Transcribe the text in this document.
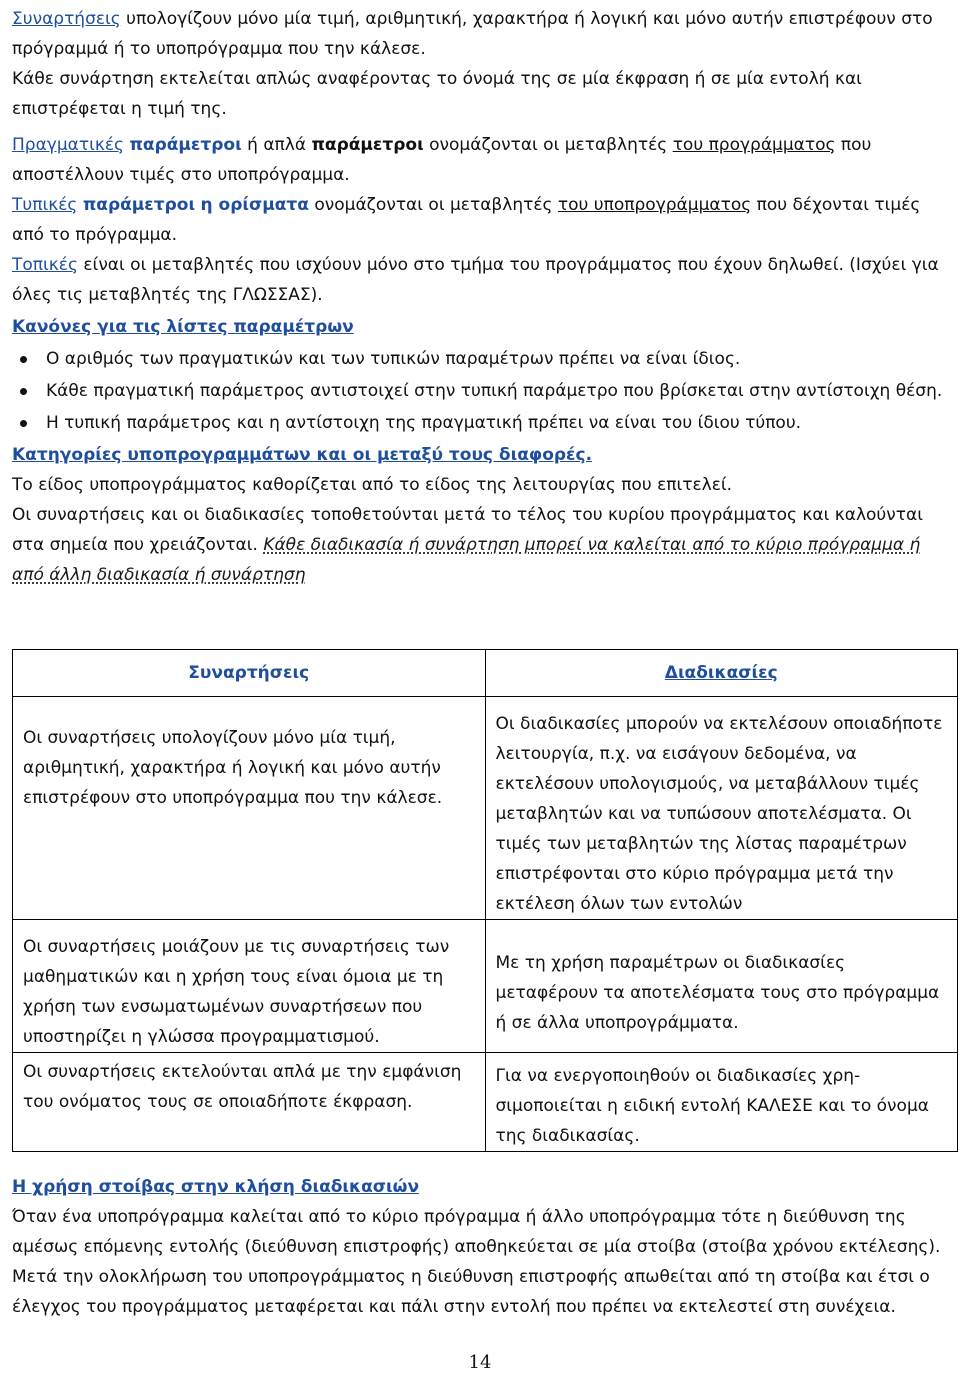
Συναρτήσεις υπολογίζουν μόνο μία τιμή, αριθμητική, χαρακτήρα ή λογική και μόνο αυτήν επιστρέφουν στο πρόγραμμά ή το υποπρόγραμμα που την κάλεσε.

Κάθε συνάρτηση εκτελείται απλώς αναφέροντας το όνομά της σε μία έκφραση ή σε μία εντολή και επιστρέφεται η τιμή της.

Πραγματικές παράμετροι ή απλά παράμετροι ονομάζονται οι μεταβλητές του προγράμματος που αποστέλλουν τιμές στο υποπρόγραμμα.

Τυπικές παράμετροι η ορίσματα ονομάζονται οι μεταβλητές του υποπρογράμματος που δέχονται τιμές από το πρόγραμμα.

Τοπικές είναι οι μεταβλητές που ισχύουν μόνο στο τμήμα του προγράμματος που έχουν δηλωθεί. (Ισχύει για όλες τις μεταβλητές της ΓΛΩΣΣΑΣ).

Κανόνες για τις λίστες παραμέτρων

Ο αριθμός των πραγματικών και των τυπικών παραμέτρων πρέπει να είναι ίδιος.
Κάθε πραγματική παράμετρος αντιστοιχεί στην τυπική παράμετρο που βρίσκεται στην αντίστοιχη θέση.
Η τυπική παράμετρος και η αντίστοιχη της πραγματική πρέπει να είναι του ίδιου τύπου.

Κατηγορίες υποπρογραμμάτων και οι μεταξύ τους διαφορές.

Το είδος υποπρογράμματος καθορίζεται από το είδος της λειτουργίας που επιτελεί.

Οι συναρτήσεις και οι διαδικασίες τοποθετούνται μετά το τέλος του κυρίου προγράμματος και καλούνται στα σημεία που χρειάζονται. Κάθε διαδικασία ή συνάρτηση μπορεί να καλείται από το κύριο πρόγραμμα ή από άλλη διαδικασία ή συνάρτηση

Συναρτήσεις	Διαδικασίες
Οι συναρτήσεις υπολογίζουν μόνο μία τιμή, αριθμητική, χαρακτήρα ή λογική και μόνο αυτήν επιστρέφουν στο υποπρόγραμμα που την κάλεσε.	Οι διαδικασίες μπορούν να εκτελέσουν οποιαδήποτε λειτουργία, π.χ. να εισάγουν δεδομένα, να εκτελέσουν υπολογισμούς, να μεταβάλλουν τιμές μεταβλητών και να τυπώσουν αποτελέσματα. Οι τιμές των μεταβλητών της λίστας παραμέτρων επιστρέφονται στο κύριο πρόγραμμα μετά την εκτέλεση όλων των εντολών
Οι συναρτήσεις μοιάζουν με τις συναρτήσεις των μαθηματικών και η χρήση τους είναι όμοια με τη χρήση των ενσωματωμένων συναρτήσεων που υποστηρίζει η γλώσσα προγραμματισμού.	Με τη χρήση παραμέτρων οι διαδικασίες μεταφέρουν τα αποτελέσματα τους στο πρόγραμμα ή σε άλλα υποπρογράμματα.
Οι συναρτήσεις εκτελούνται απλά με την εμφάνιση του ονόματος τους σε οποιαδήποτε έκφραση.	Για να ενεργοποιηθούν οι διαδικασίες χρη-σιμοποιείται η ειδική εντολή ΚΑΛΕΣΕ και το όνομα της διαδικασίας.

Η χρήση στοίβας στην κλήση διαδικασιών

Όταν ένα υποπρόγραμμα καλείται από το κύριο πρόγραμμα ή άλλο υποπρόγραμμα τότε η διεύθυνση της αμέσως επόμενης εντολής (διεύθυνση επιστροφής) αποθηκεύεται σε μία στοίβα (στοίβα χρόνου εκτέλεσης). Μετά την ολοκλήρωση του υποπρογράμματος η διεύθυνση επιστροφής απωθείται από τη στοίβα και έτσι ο έλεγχος του προγράμματος μεταφέρεται και πάλι στην εντολή που πρέπει να εκτελεστεί στη συνέχεια.

14
